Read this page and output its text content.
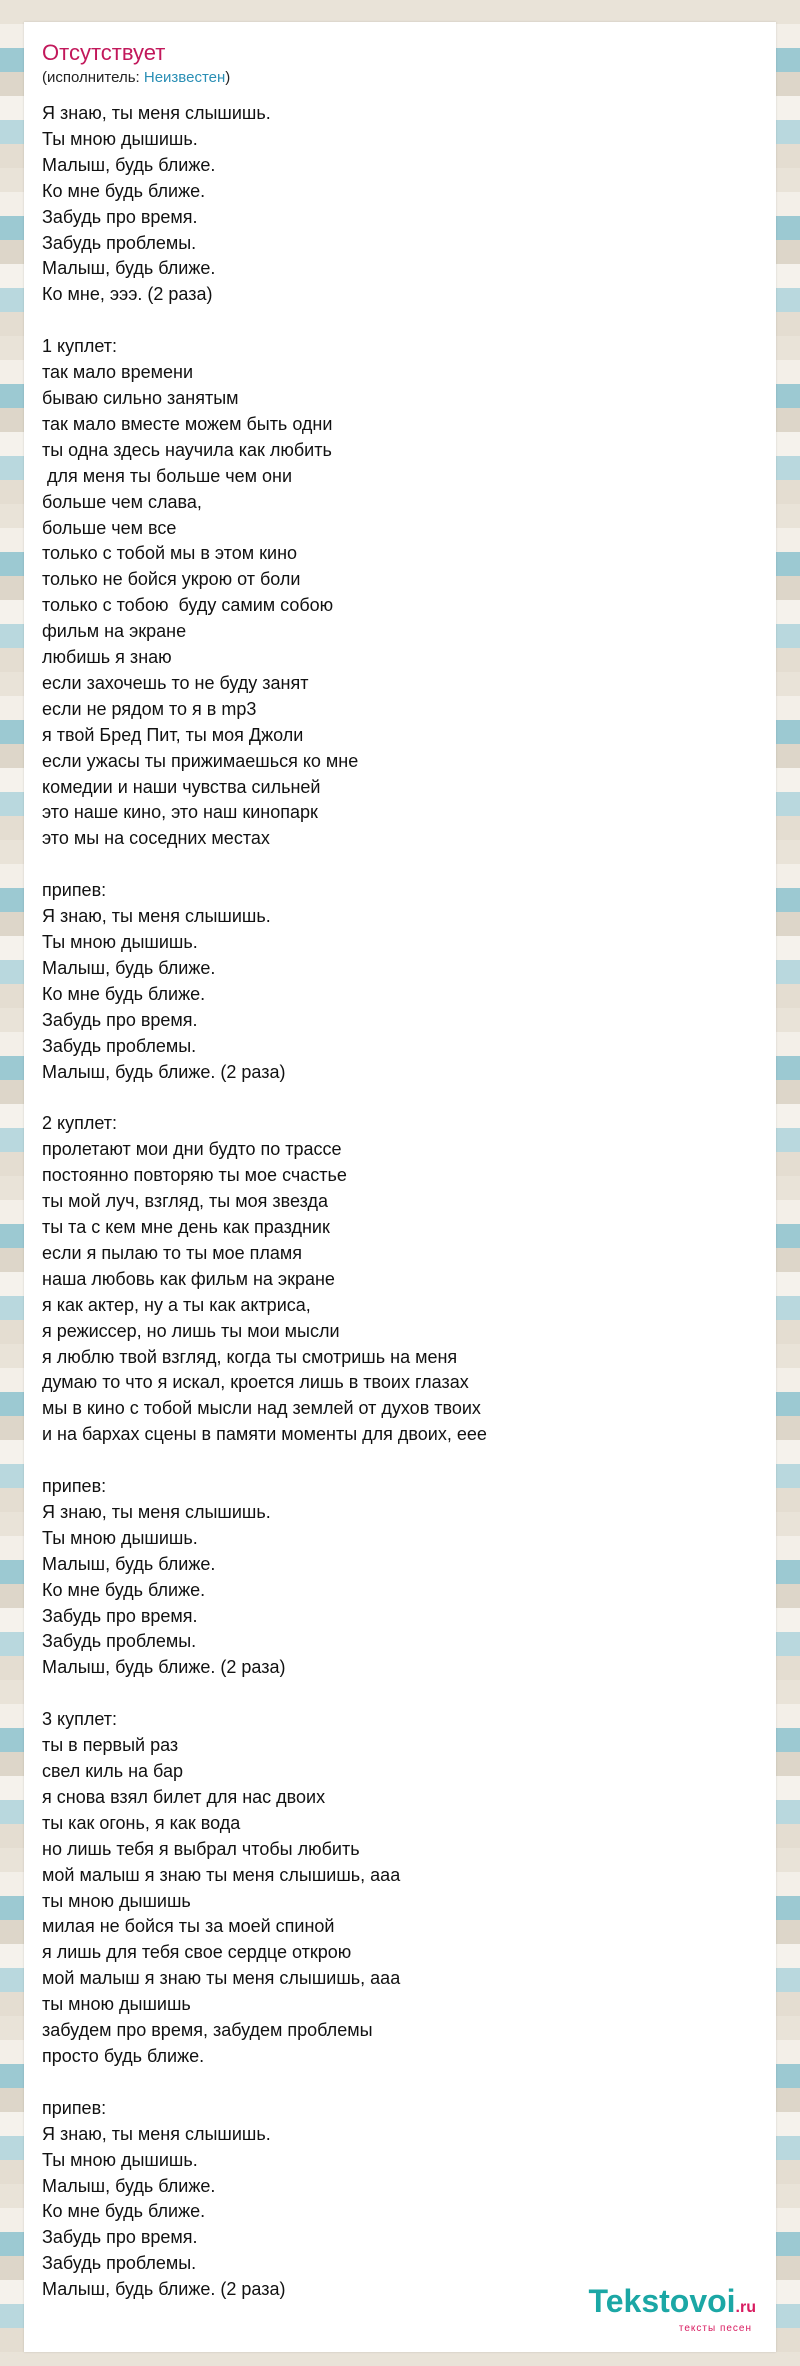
Отсутствует
(исполнитель: Неизвестен)
Я знаю, ты меня слышишь.
Ты мною дышишь.
Малыш, будь ближе.
Ко мне будь ближе.
Забудь про время.
Забудь проблемы.
Малыш, будь ближе.
Ко мне, эээ. (2 раза)

1 куплет:
так мало времени
бываю сильно занятым
так мало вместе можем быть одни
ты одна здесь научила как любить
для меня ты больше чем они
больше чем слава,
больше чем все
только с тобой мы в этом кино
только не бойся укрою от боли
только с тобою  буду самим собою
фильм на экране
любишь я знаю
если захочешь то не буду занят
если не рядом то я в mp3
я твой Бред Пит, ты моя Джоли
если ужасы ты прижимаешься ко мне
комедии и наши чувства сильней
это наше кино, это наш кинопарк
это мы на соседних местах

припев:
Я знаю, ты меня слышишь.
Ты мною дышишь.
Малыш, будь ближе.
Ко мне будь ближе.
Забудь про время.
Забудь проблемы.
Малыш, будь ближе. (2 раза)

2 куплет:
пролетают мои дни будто по трассе
постоянно повторяю ты мое счастье
ты мой луч, взгляд, ты моя звезда
ты та с кем мне день как праздник
если я пылаю то ты мое пламя
наша любовь как фильм на экране
я как актер, ну а ты как актриса,
я режиссер, но лишь ты мои мысли
я люблю твой взгляд, когда ты смотришь на меня
думаю то что я искал, кроется лишь в твоих глазах
мы в кино с тобой мысли над землей от духов твоих
и на бархах сцены в памяти моменты для двоих, еее

припев:
Я знаю, ты меня слышишь.
Ты мною дышишь.
Малыш, будь ближе.
Ко мне будь ближе.
Забудь про время.
Забудь проблемы.
Малыш, будь ближе. (2 раза)

3 куплет:
ты в первый раз
свел киль на бар
я снова взял билет для нас двоих
ты как огонь, я как вода
но лишь тебя я выбрал чтобы любить
мой малыш я знаю ты меня слышишь, ааа
ты мною дышишь
милая не бойся ты за моей спиной
я лишь для тебя свое сердце открою
мой малыш я знаю ты меня слышишь, ааа
ты мною дышишь
забудем про время, забудем проблемы
просто будь ближе.

припев:
Я знаю, ты меня слышишь.
Ты мною дышишь.
Малыш, будь ближе.
Ко мне будь ближе.
Забудь про время.
Забудь проблемы.
Малыш, будь ближе. (2 раза)	Tekstovoi.ru
тексты песен
